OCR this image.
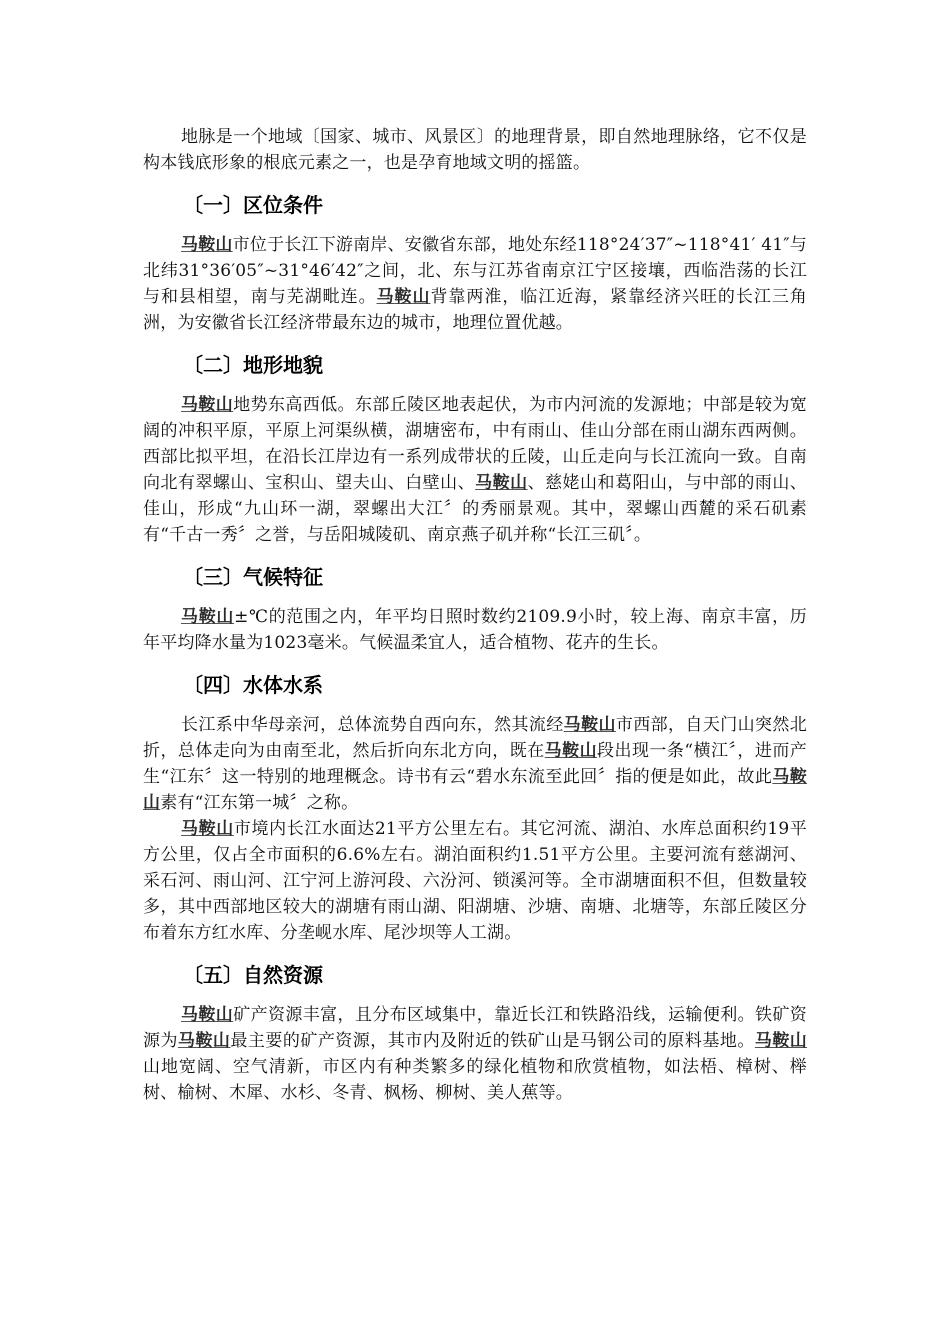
地脉是一个地域〔国家、城市、风景区〕的地理背景，即自然地理脉络，它不仅是构本钱底形象的根底元素之一，也是孕育地域文明的摇篮。

〔一〕区位条件

马鞍山市位于长江下游南岸、安徽省东部，地处东经118°24′37″~118°41′ 41″与北纬31°36′05″~31°46′42″之间，北、东与江苏省南京江宁区接壤，西临浩荡的长江与和县相望，南与芜湖毗连。马鞍山背靠两淮，临江近海，紧靠经济兴旺的长江三角洲，为安徽省长江经济带最东边的城市，地理位置优越。

〔二〕地形地貌

马鞍山地势东高西低。东部丘陵区地表起伏，为市内河流的发源地；中部是较为宽阔的冲积平原，平原上河渠纵横，湖塘密布，中有雨山、佳山分部在雨山湖东西两侧。西部比拟平坦，在沿长江岸边有一系列成带状的丘陵，山丘走向与长江流向一致。自南向北有翠螺山、宝积山、望夫山、白壁山、马鞍山、慈姥山和葛阳山，与中部的雨山、佳山，形成“九山环一湖，翠螺出大江〞的秀丽景观。其中，翠螺山西麓的采石矶素有“千古一秀〞之誉，与岳阳城陵矶、南京燕子矶并称“长江三矶〞。

〔三〕气候特征

马鞍山±℃的范围之内，年平均日照时数约2109.9小时，较上海、南京丰富，历年平均降水量为1023毫米。气候温柔宜人，适合植物、花卉的生长。

〔四〕水体水系

长江系中华母亲河，总体流势自西向东，然其流经马鞍山市西部，自天门山突然北折，总体走向为由南至北，然后折向东北方向，既在马鞍山段出现一条“横江〞，进而产生“江东〞这一特别的地理概念。诗书有云“碧水东流至此回〞指的便是如此，故此马鞍山素有“江东第一城〞之称。

马鞍山市境内长江水面达21平方公里左右。其它河流、湖泊、水库总面积约19平方公里，仅占全市面积的6.6%左右。湖泊面积约1.51平方公里。主要河流有慈湖河、采石河、雨山河、江宁河上游河段、六汾河、锁溪河等。全市湖塘面积不但，但数量较多，其中西部地区较大的湖塘有雨山湖、阳湖塘、沙塘、南塘、北塘等，东部丘陵区分布着东方红水库、分垄岘水库、尾沙坝等人工湖。

〔五〕自然资源

马鞍山矿产资源丰富，且分布区域集中，靠近长江和铁路沿线，运输便利。铁矿资源为马鞍山最主要的矿产资源，其市内及附近的铁矿山是马钢公司的原料基地。马鞍山山地宽阔、空气清新，市区内有种类繁多的绿化植物和欣赏植物，如法梧、樟树、榉树、榆树、木犀、水杉、冬青、枫杨、柳树、美人蕉等。
